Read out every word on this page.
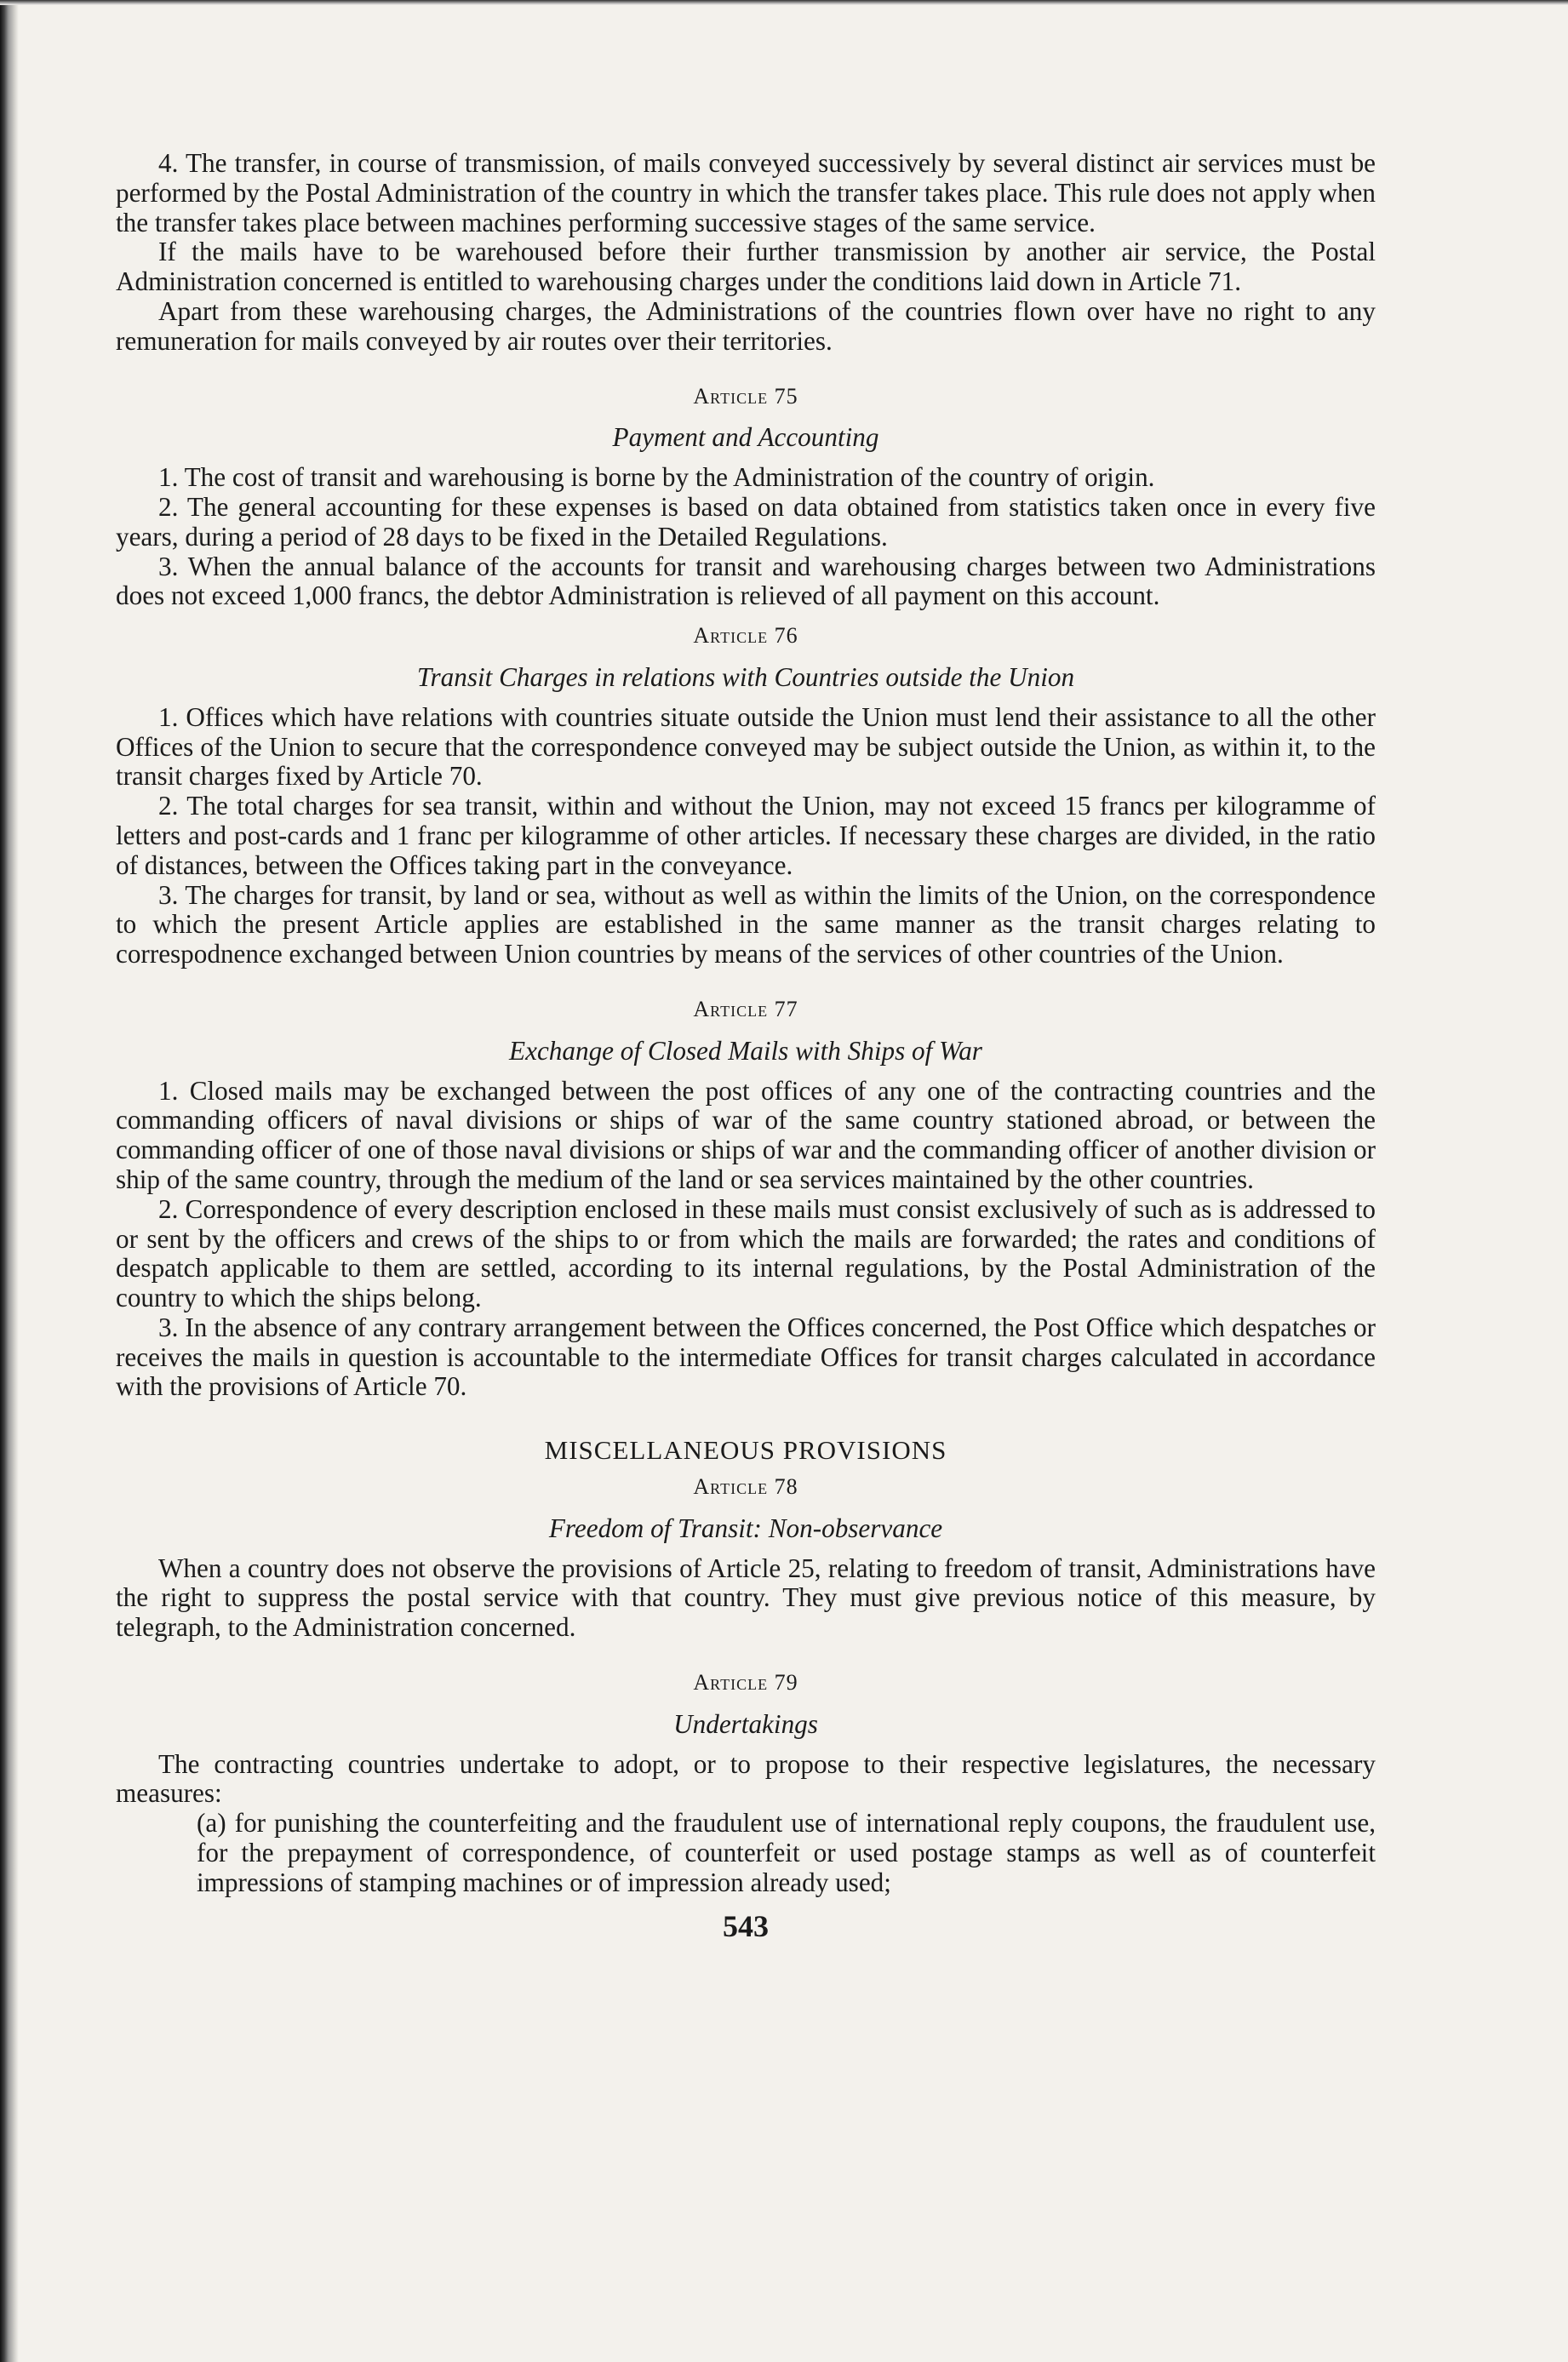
4. The transfer, in course of transmission, of mails conveyed successively by several distinct air services must be performed by the Postal Administration of the country in which the transfer takes place. This rule does not apply when the transfer takes place between machines performing successive stages of the same service.

If the mails have to be warehoused before their further transmission by another air service, the Postal Administration concerned is entitled to warehousing charges under the conditions laid down in Article 71.

Apart from these warehousing charges, the Administrations of the countries flown over have no right to any remuneration for mails conveyed by air routes over their territories.

Article 75
Payment and Accounting

1. The cost of transit and warehousing is borne by the Administration of the country of origin.

2. The general accounting for these expenses is based on data obtained from statistics taken once in every five years, during a period of 28 days to be fixed in the Detailed Regulations.

3. When the annual balance of the accounts for transit and warehousing charges between two Administrations does not exceed 1,000 francs, the debtor Administration is relieved of all payment on this account.

Article 76
Transit Charges in relations with Countries outside the Union

1. Offices which have relations with countries situate outside the Union must lend their assistance to all the other Offices of the Union to secure that the correspondence conveyed may be subject outside the Union, as within it, to the transit charges fixed by Article 70.

2. The total charges for sea transit, within and without the Union, may not exceed 15 francs per kilogramme of letters and post-cards and 1 franc per kilogramme of other articles. If necessary these charges are divided, in the ratio of distances, between the Offices taking part in the conveyance.

3. The charges for transit, by land or sea, without as well as within the limits of the Union, on the correspondence to which the present Article applies are established in the same manner as the transit charges relating to correspodnence exchanged between Union countries by means of the services of other countries of the Union.

Article 77
Exchange of Closed Mails with Ships of War

1. Closed mails may be exchanged between the post offices of any one of the contracting countries and the commanding officers of naval divisions or ships of war of the same country stationed abroad, or between the commanding officer of one of those naval divisions or ships of war and the commanding officer of another division or ship of the same country, through the medium of the land or sea services maintained by the other countries.

2. Correspondence of every description enclosed in these mails must consist exclusively of such as is addressed to or sent by the officers and crews of the ships to or from which the mails are forwarded; the rates and conditions of despatch applicable to them are settled, according to its internal regulations, by the Postal Administration of the country to which the ships belong.

3. In the absence of any contrary arrangement between the Offices concerned, the Post Office which despatches or receives the mails in question is accountable to the intermediate Offices for transit charges calculated in accordance with the provisions of Article 70.

MISCELLANEOUS PROVISIONS
Article 78
Freedom of Transit: Non-observance

When a country does not observe the provisions of Article 25, relating to freedom of transit, Administrations have the right to suppress the postal service with that country. They must give previous notice of this measure, by telegraph, to the Administration concerned.

Article 79
Undertakings

The contracting countries undertake to adopt, or to propose to their respective legislatures, the necessary measures:

(a) for punishing the counterfeiting and the fraudulent use of international reply coupons, the fraudulent use, for the prepayment of correspondence, of counterfeit or used postage stamps as well as of counterfeit impressions of stamping machines or of impression already used;

543
